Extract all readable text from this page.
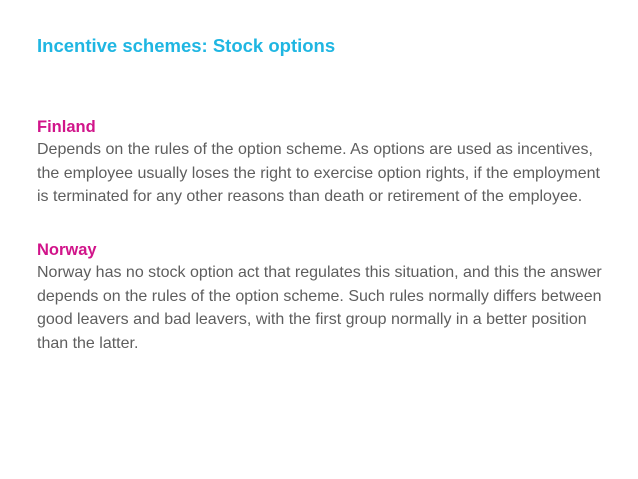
Incentive schemes: Stock options
Finland

Depends on the rules of the option scheme. As options are used as incentives, the employee usually loses the right to exercise option rights, if the employment is terminated for any other reasons than death or retirement of the employee.

Norway

Norway has no stock option act that regulates this situation, and this the answer depends on the rules of the option scheme. Such rules normally differs between good leavers and bad leavers, with the first group normally in a better position than the latter.
